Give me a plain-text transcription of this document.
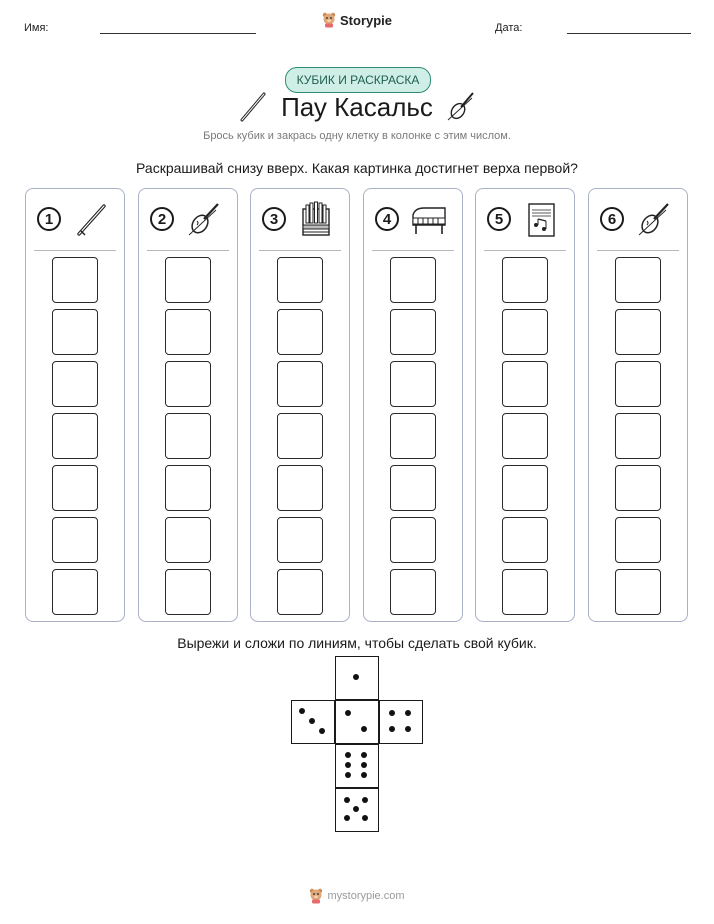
Имя:
Storypie
Дата:
КУБИК И РАСКРАСКА
Пау Касальс
Брось кубик и закрась одну клетку в колонке с этим числом.
Раскрашивай снизу вверх. Какая картинка достигнет верха первой?
1	2	3	4	5	6
Вырежи и сложи по линиям, чтобы сделать свой кубик.
mystorypie.com
